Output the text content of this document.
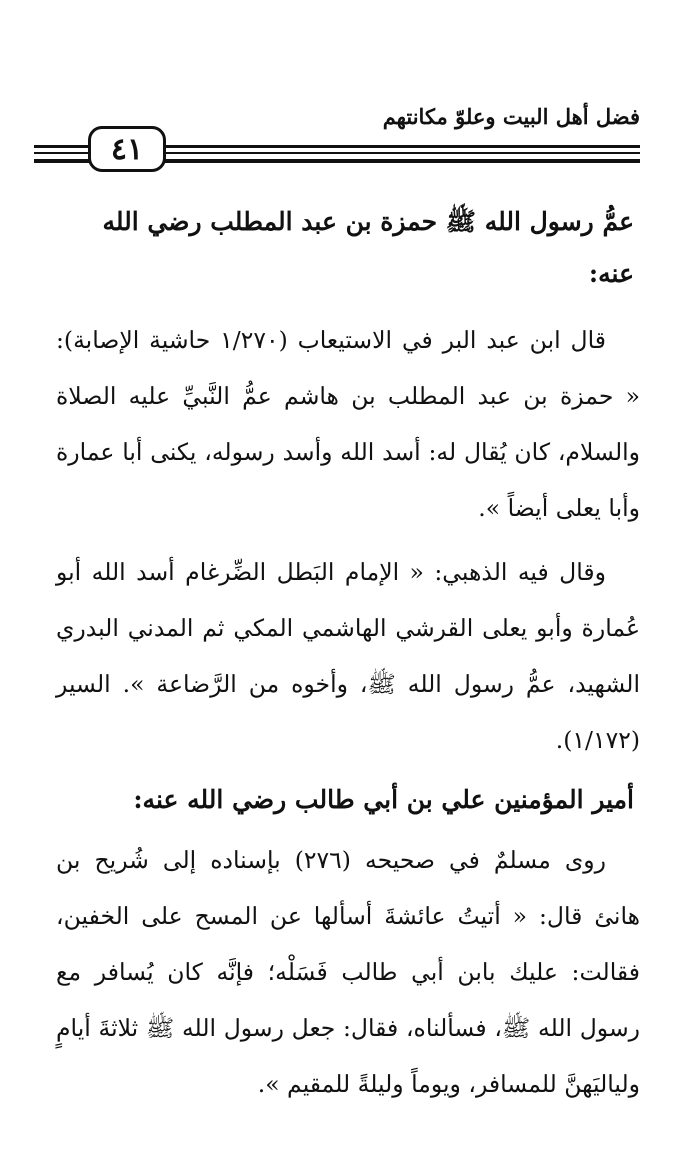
فضل أهل البيت وعلوّ مكانتهم
٤١
عمُّ رسول الله ﷺ حمزة بن عبد المطلب رضي الله عنه:

قال ابن عبد البر في الاستيعاب (١/٢٧٠ حاشية الإصابة): « حمزة بن عبد المطلب بن هاشم عمُّ النَّبيِّ عليه الصلاة والسلام، كان يُقال له: أسد الله وأسد رسوله، يكنى أبا عمارة وأبا يعلى أيضاً ».

وقال فيه الذهبي: « الإمام البَطل الضِّرغام أسد الله أبو عُمارة وأبو يعلى القرشي الهاشمي المكي ثم المدني البدري الشهيد، عمُّ رسول الله ﷺ، وأخوه من الرَّضاعة ». السير (١/١٧٢).

أمير المؤمنين علي بن أبي طالب رضي الله عنه:

روى مسلمٌ في صحيحه (٢٧٦) بإسناده إلى شُريح بن هانئ قال: « أتيتُ عائشةَ أسألها عن المسح على الخفين، فقالت: عليك بابن أبي طالب فَسَلْه؛ فإنَّه كان يُسافر مع رسول الله ﷺ، فسألناه، فقال: جعل رسول الله ﷺ ثلاثةَ أيامٍ ولياليَهنَّ للمسافر، ويوماً وليلةً للمقيم ».
